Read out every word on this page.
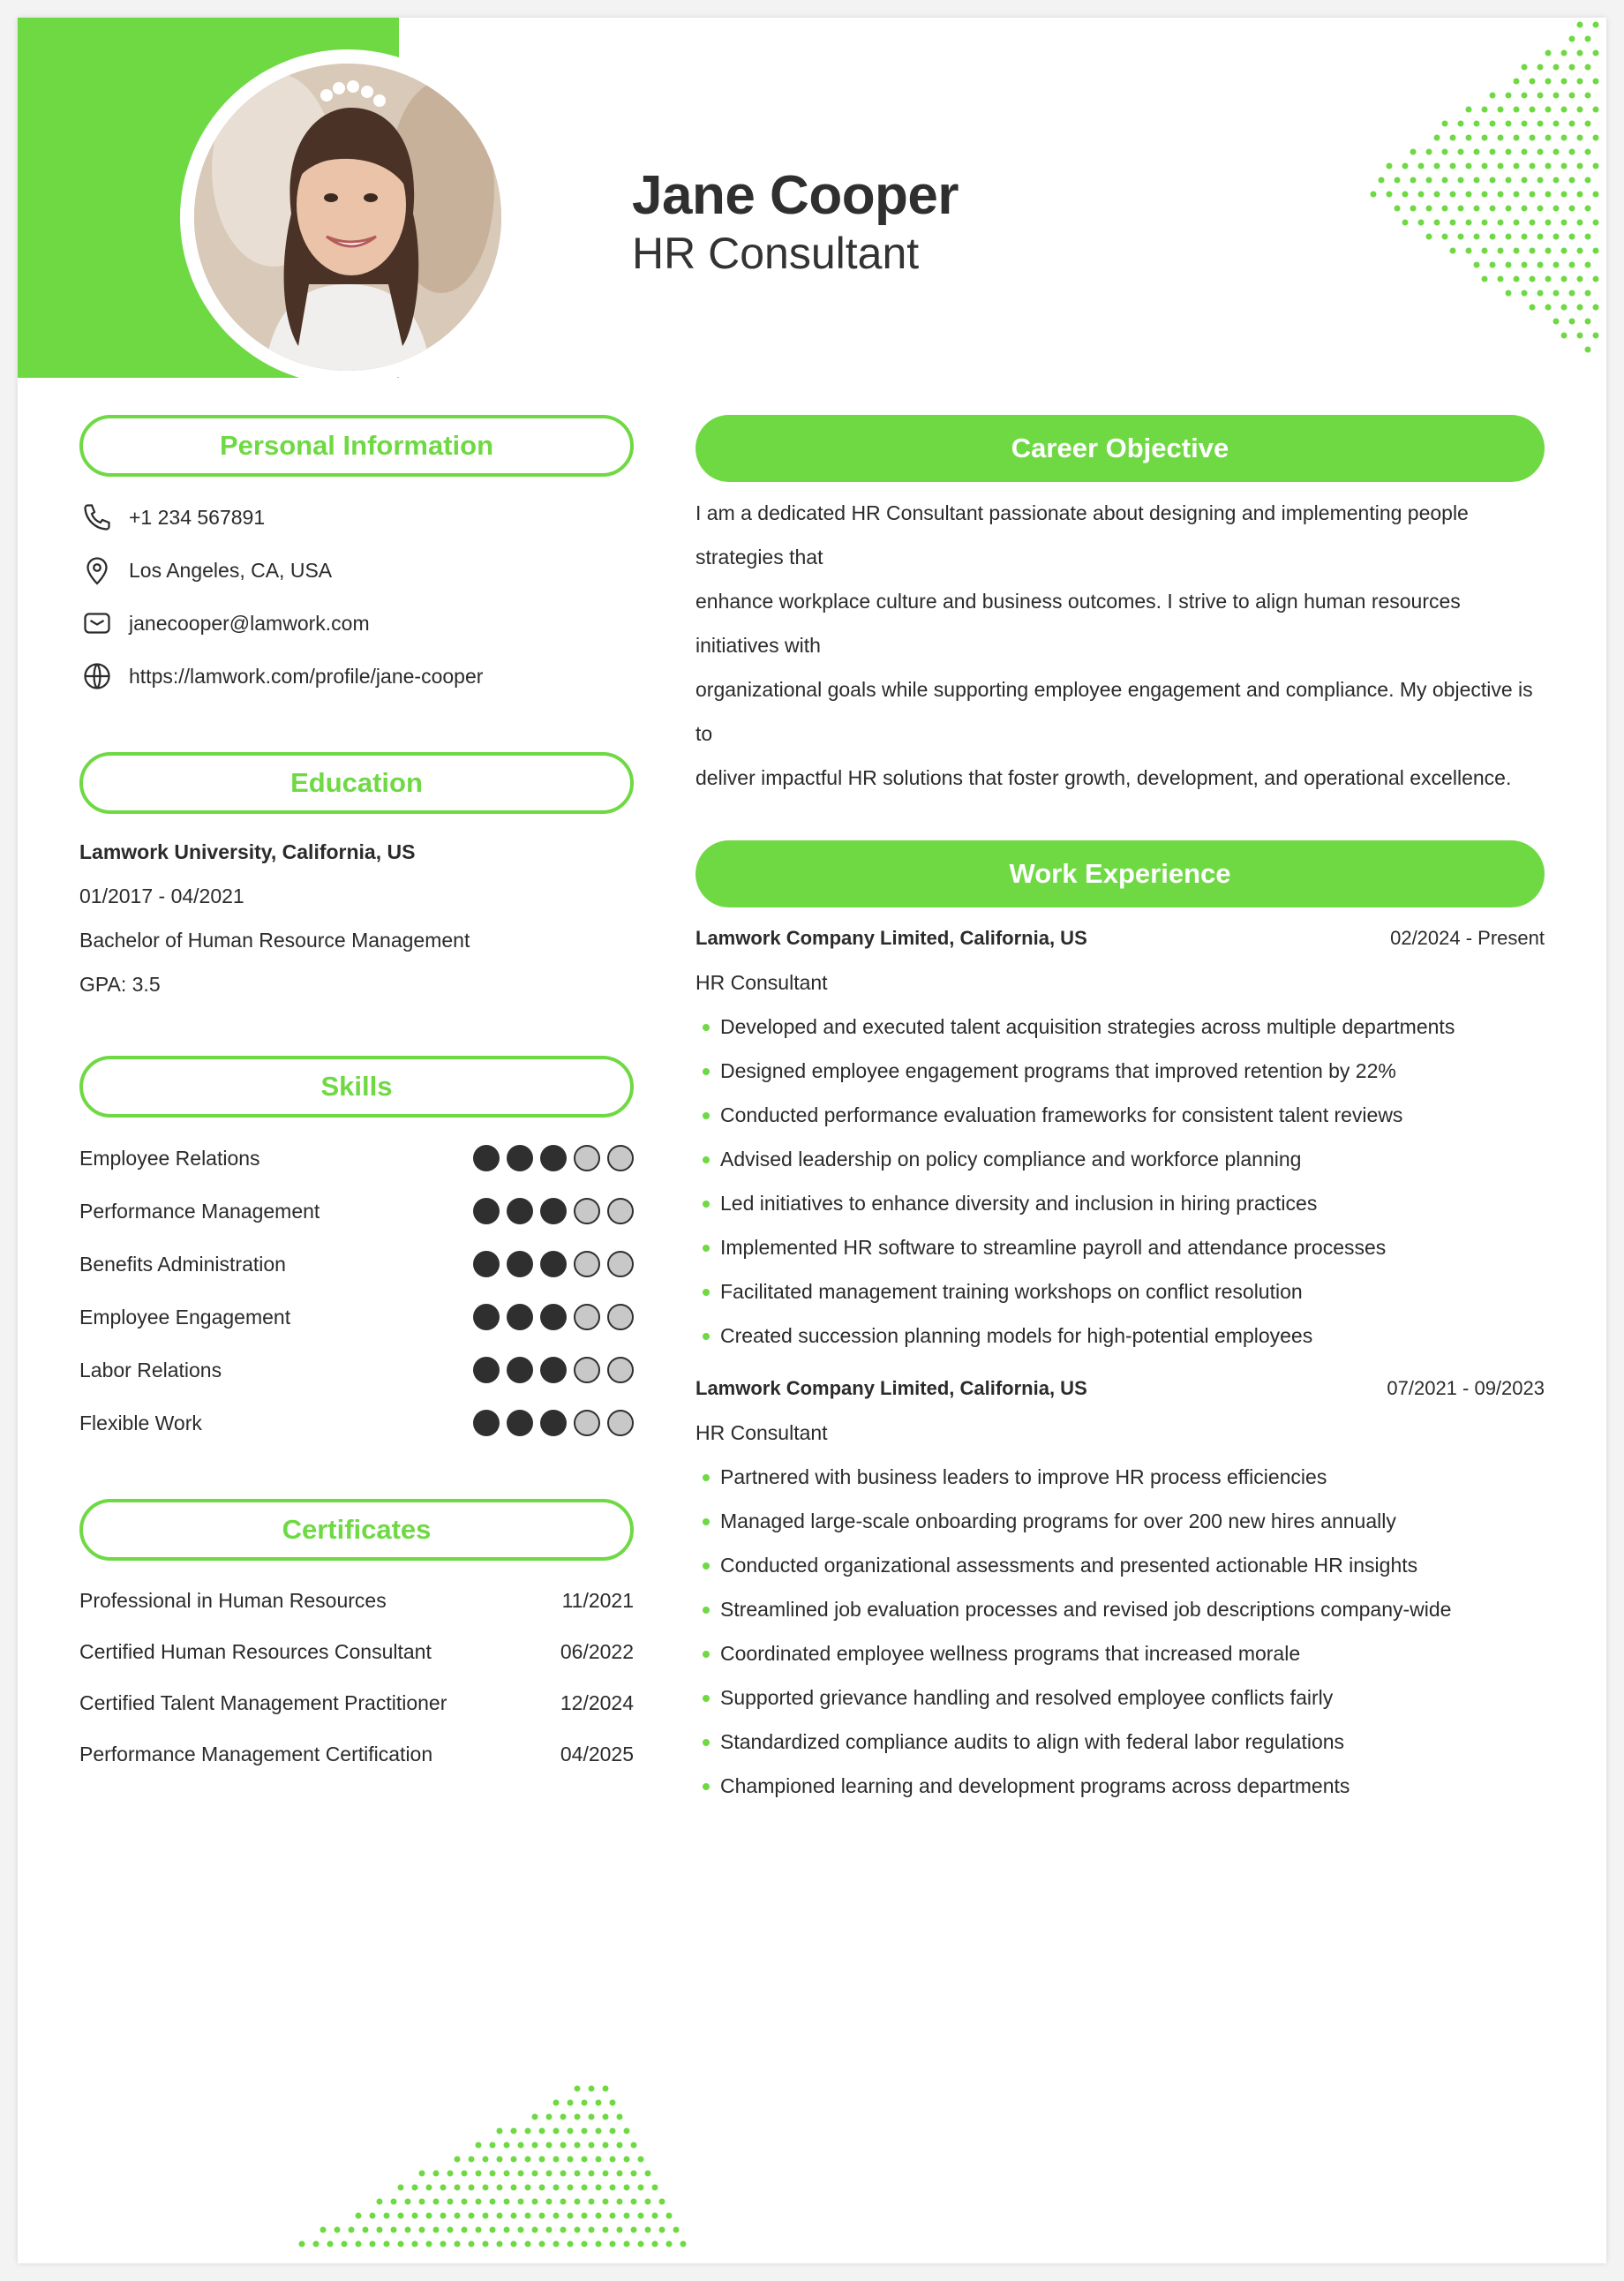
Jane Cooper
HR Consultant
Personal Information
+1 234 567891
Los Angeles, CA, USA
janecooper@lamwork.com
https://lamwork.com/profile/jane-cooper
Education
Lamwork University, California, US
01/2017 - 04/2021
Bachelor of Human Resource Management
GPA: 3.5
Skills
Employee Relations
Performance Management
Benefits Administration
Employee Engagement
Labor Relations
Flexible Work
Certificates
Professional in Human Resources	11/2021
Certified Human Resources Consultant	06/2022
Certified Talent Management Practitioner	12/2024
Performance Management Certification	04/2025
Career Objective
I am a dedicated HR Consultant passionate about designing and implementing people strategies that
enhance workplace culture and business outcomes. I strive to align human resources initiatives with
organizational goals while supporting employee engagement and compliance. My objective is to
deliver impactful HR solutions that foster growth, development, and operational excellence.
Work Experience
Lamwork Company Limited, California, US	02/2024 - Present
HR Consultant
Developed and executed talent acquisition strategies across multiple departments
Designed employee engagement programs that improved retention by 22%
Conducted performance evaluation frameworks for consistent talent reviews
Advised leadership on policy compliance and workforce planning
Led initiatives to enhance diversity and inclusion in hiring practices
Implemented HR software to streamline payroll and attendance processes
Facilitated management training workshops on conflict resolution
Created succession planning models for high-potential employees
Lamwork Company Limited, California, US	07/2021 - 09/2023
HR Consultant
Partnered with business leaders to improve HR process efficiencies
Managed large-scale onboarding programs for over 200 new hires annually
Conducted organizational assessments and presented actionable HR insights
Streamlined job evaluation processes and revised job descriptions company-wide
Coordinated employee wellness programs that increased morale
Supported grievance handling and resolved employee conflicts fairly
Standardized compliance audits to align with federal labor regulations
Championed learning and development programs across departments
